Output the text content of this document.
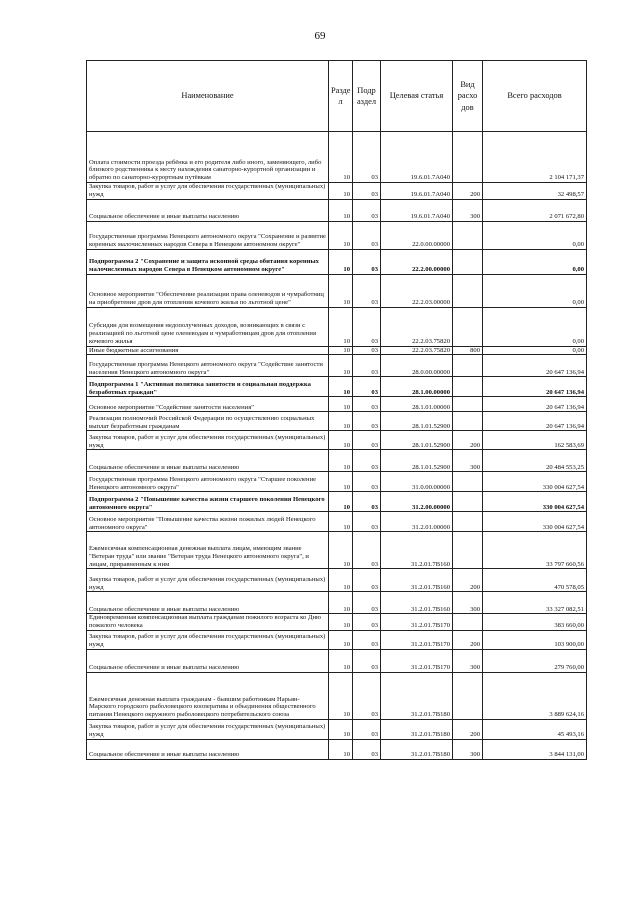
69
Наименование	Разде л	Подр аздел	Целевая статья	Вид расхо дов	Всего расходов
Оплата стоимости проезда ребёнка и его родителя либо иного, заменяющего, либо близкого родственника к месту нахождения санаторно-курортной организации и обратно по санаторно-курортным путёвкам	10	03	19.6.01.7А040		2 104 171,37
Закупка товаров, работ и услуг для обеспечения государственных (муниципальных) нужд	10	03	19.6.01.7А040	200	32 498,57
Социальное обеспечение и иные выплаты населению	10	03	19.6.01.7А040	300	2 071 672,80
Государственная программа Ненецкого автономного округа "Сохранение и развитие коренных малочисленных народов Севера в Ненецком автономном округе"	10	03	22.0.00.00000		0,00
Подпрограмма 2 "Сохранение и защита исконной среды обитания коренных малочисленных народов Севера в Ненецком автономном округе"	10	03	22.2.00.00000		0,00
Основное мероприятие "Обеспечение реализации права оленеводов и чумработниц на приобретение дров для отопления кочевого жилья по льготной цене"	10	03	22.2.03.00000		0,00
Субсидии для возмещения недополученных доходов, возникающих в связи с реализацией по льготной цене оленеводам и чумработницам дров для отопления кочевого жилья	10	03	22.2.03.75820		0,00
Иные бюджетные ассигнования	10	03	22.2.03.75820	800	0,00
Государственная программа Ненецкого автономного округа "Содействие занятости населения Ненецкого автономного округа"	10	03	28.0.00.00000		20 647 136,94
Подпрограмма 1 "Активная политика занятости и социальная поддержка безработных граждан"	10	03	28.1.00.00000		20 647 136,94
Основное мероприятие "Содействие занятости населения"	10	03	28.1.01.00000		20 647 136,94
Реализация полномочий Российской Федерации по осуществлению социальных выплат безработным гражданам	10	03	28.1.01.52900		20 647 136,94
Закупка товаров, работ и услуг для обеспечения государственных (муниципальных) нужд	10	03	28.1.01.52900	200	162 583,69
Социальное обеспечение и иные выплаты населению	10	03	28.1.01.52900	300	20 484 553,25
Государственная программа Ненецкого автономного округа "Старшее поколение Ненецкого автономного округа"	10	03	31.0.00.00000		330 004 627,54
Подпрограмма 2 "Повышение качества жизни старшего поколения Ненецкого автономного округа"	10	03	31.2.00.00000		330 004 627,54
Основное мероприятие "Повышение качества жизни пожилых людей Ненецкого автономного округа"	10	03	31.2.01.00000		330 004 627,54
Ежемесячная компенсационная денежная выплата лицам, имеющим звание "Ветеран труда" или звание "Ветеран труда Ненецкого автономного округа", и лицам, приравненным к ним	10	03	31.2.01.7В160		33 797 660,56
Закупка товаров, работ и услуг для обеспечения государственных (муниципальных) нужд	10	03	31.2.01.7В160	200	470 578,05
Социальное обеспечение и иные выплаты населению	10	03	31.2.01.7В160	300	33 327 082,51
Единовременная компенсационная выплата гражданам пожилого возраста ко Дню пожилого человека	10	03	31.2.01.7В170		383 660,00
Закупка товаров, работ и услуг для обеспечения государственных (муниципальных) нужд	10	03	31.2.01.7В170	200	103 900,00
Социальное обеспечение и иные выплаты населению	10	03	31.2.01.7В170	300	279 760,00
Ежемесячная денежная выплата гражданам - бывшим работникам Нарьян-Марского городского рыболовецкого кооператива и объединения общественного питания Ненецкого окружного рыболовецкого потребительского союза	10	03	31.2.01.7В180		3 889 624,16
Закупка товаров, работ и услуг для обеспечения государственных (муниципальных) нужд	10	03	31.2.01.7В180	200	45 493,16
Социальное обеспечение и иные выплаты населению	10	03	31.2.01.7В180	300	3 844 131,00
